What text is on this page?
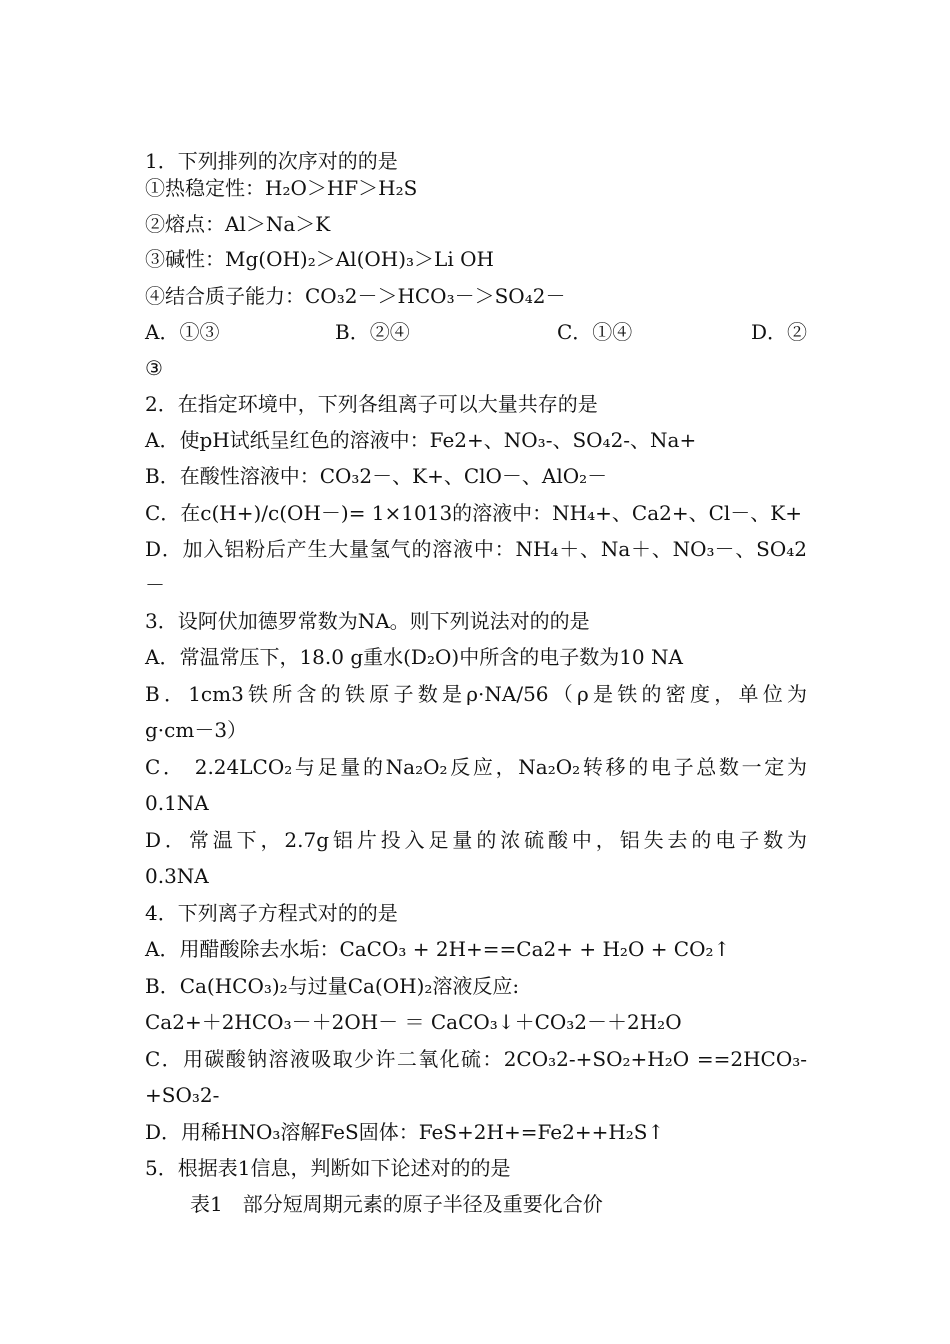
1．下列排列的次序对的的是
①热稳定性：H₂O＞HF＞H₂S
②熔点：Al＞Na＞K
③碱性：Mg(OH)₂＞Al(OH)₃＞Li OH
④结合质子能力：CO₃2－＞HCO₃－＞SO₄2－
A．①③	B．②④	C．①④	D．②
③
2．在指定环境中，下列各组离子可以大量共存的是
A．使pH试纸呈红色的溶液中：Fe2+、NO₃-、SO₄2-、Na+
B．在酸性溶液中：CO₃2－、K+、ClO－、AlO₂－
C．在c(H+)/c(OH－)= 1×1013的溶液中：NH₄+、Ca2+、Cl－、K+
D．加入铝粉后产生大量氢气的溶液中：NH₄＋、Na＋、NO₃－、SO₄2
－
3．设阿伏加德罗常数为NA。则下列说法对的的是
A．常温常压下，18.0 g重水(D₂O)中所含的电子数为10 NA
B．1cm3铁所含的铁原子数是ρ·NA/56（ρ是铁的密度，单位为
g·cm－3）
C． 2.24LCO₂与足量的Na₂O₂反应，Na₂O₂转移的电子总数一定为
0.1NA
D．常温下，2.7g铝片投入足量的浓硫酸中，铝失去的电子数为
0.3NA
4．下列离子方程式对的的是
A．用醋酸除去水垢：CaCO₃ + 2H+==Ca2+ + H₂O + CO₂↑
B．Ca(HCO₃)₂与过量Ca(OH)₂溶液反应:
Ca2+＋2HCO₃－＋2OH－ ＝ CaCO₃↓＋CO₃2－＋2H₂O
C．用碳酸钠溶液吸取少许二氧化硫：2CO₃2-+SO₂+H₂O ==2HCO₃-
+SO₃2-
D．用稀HNO₃溶解FeS固体：FeS+2H+=Fe2++H₂S↑
5．根据表1信息，判断如下论述对的的是
表1　部分短周期元素的原子半径及重要化合价
